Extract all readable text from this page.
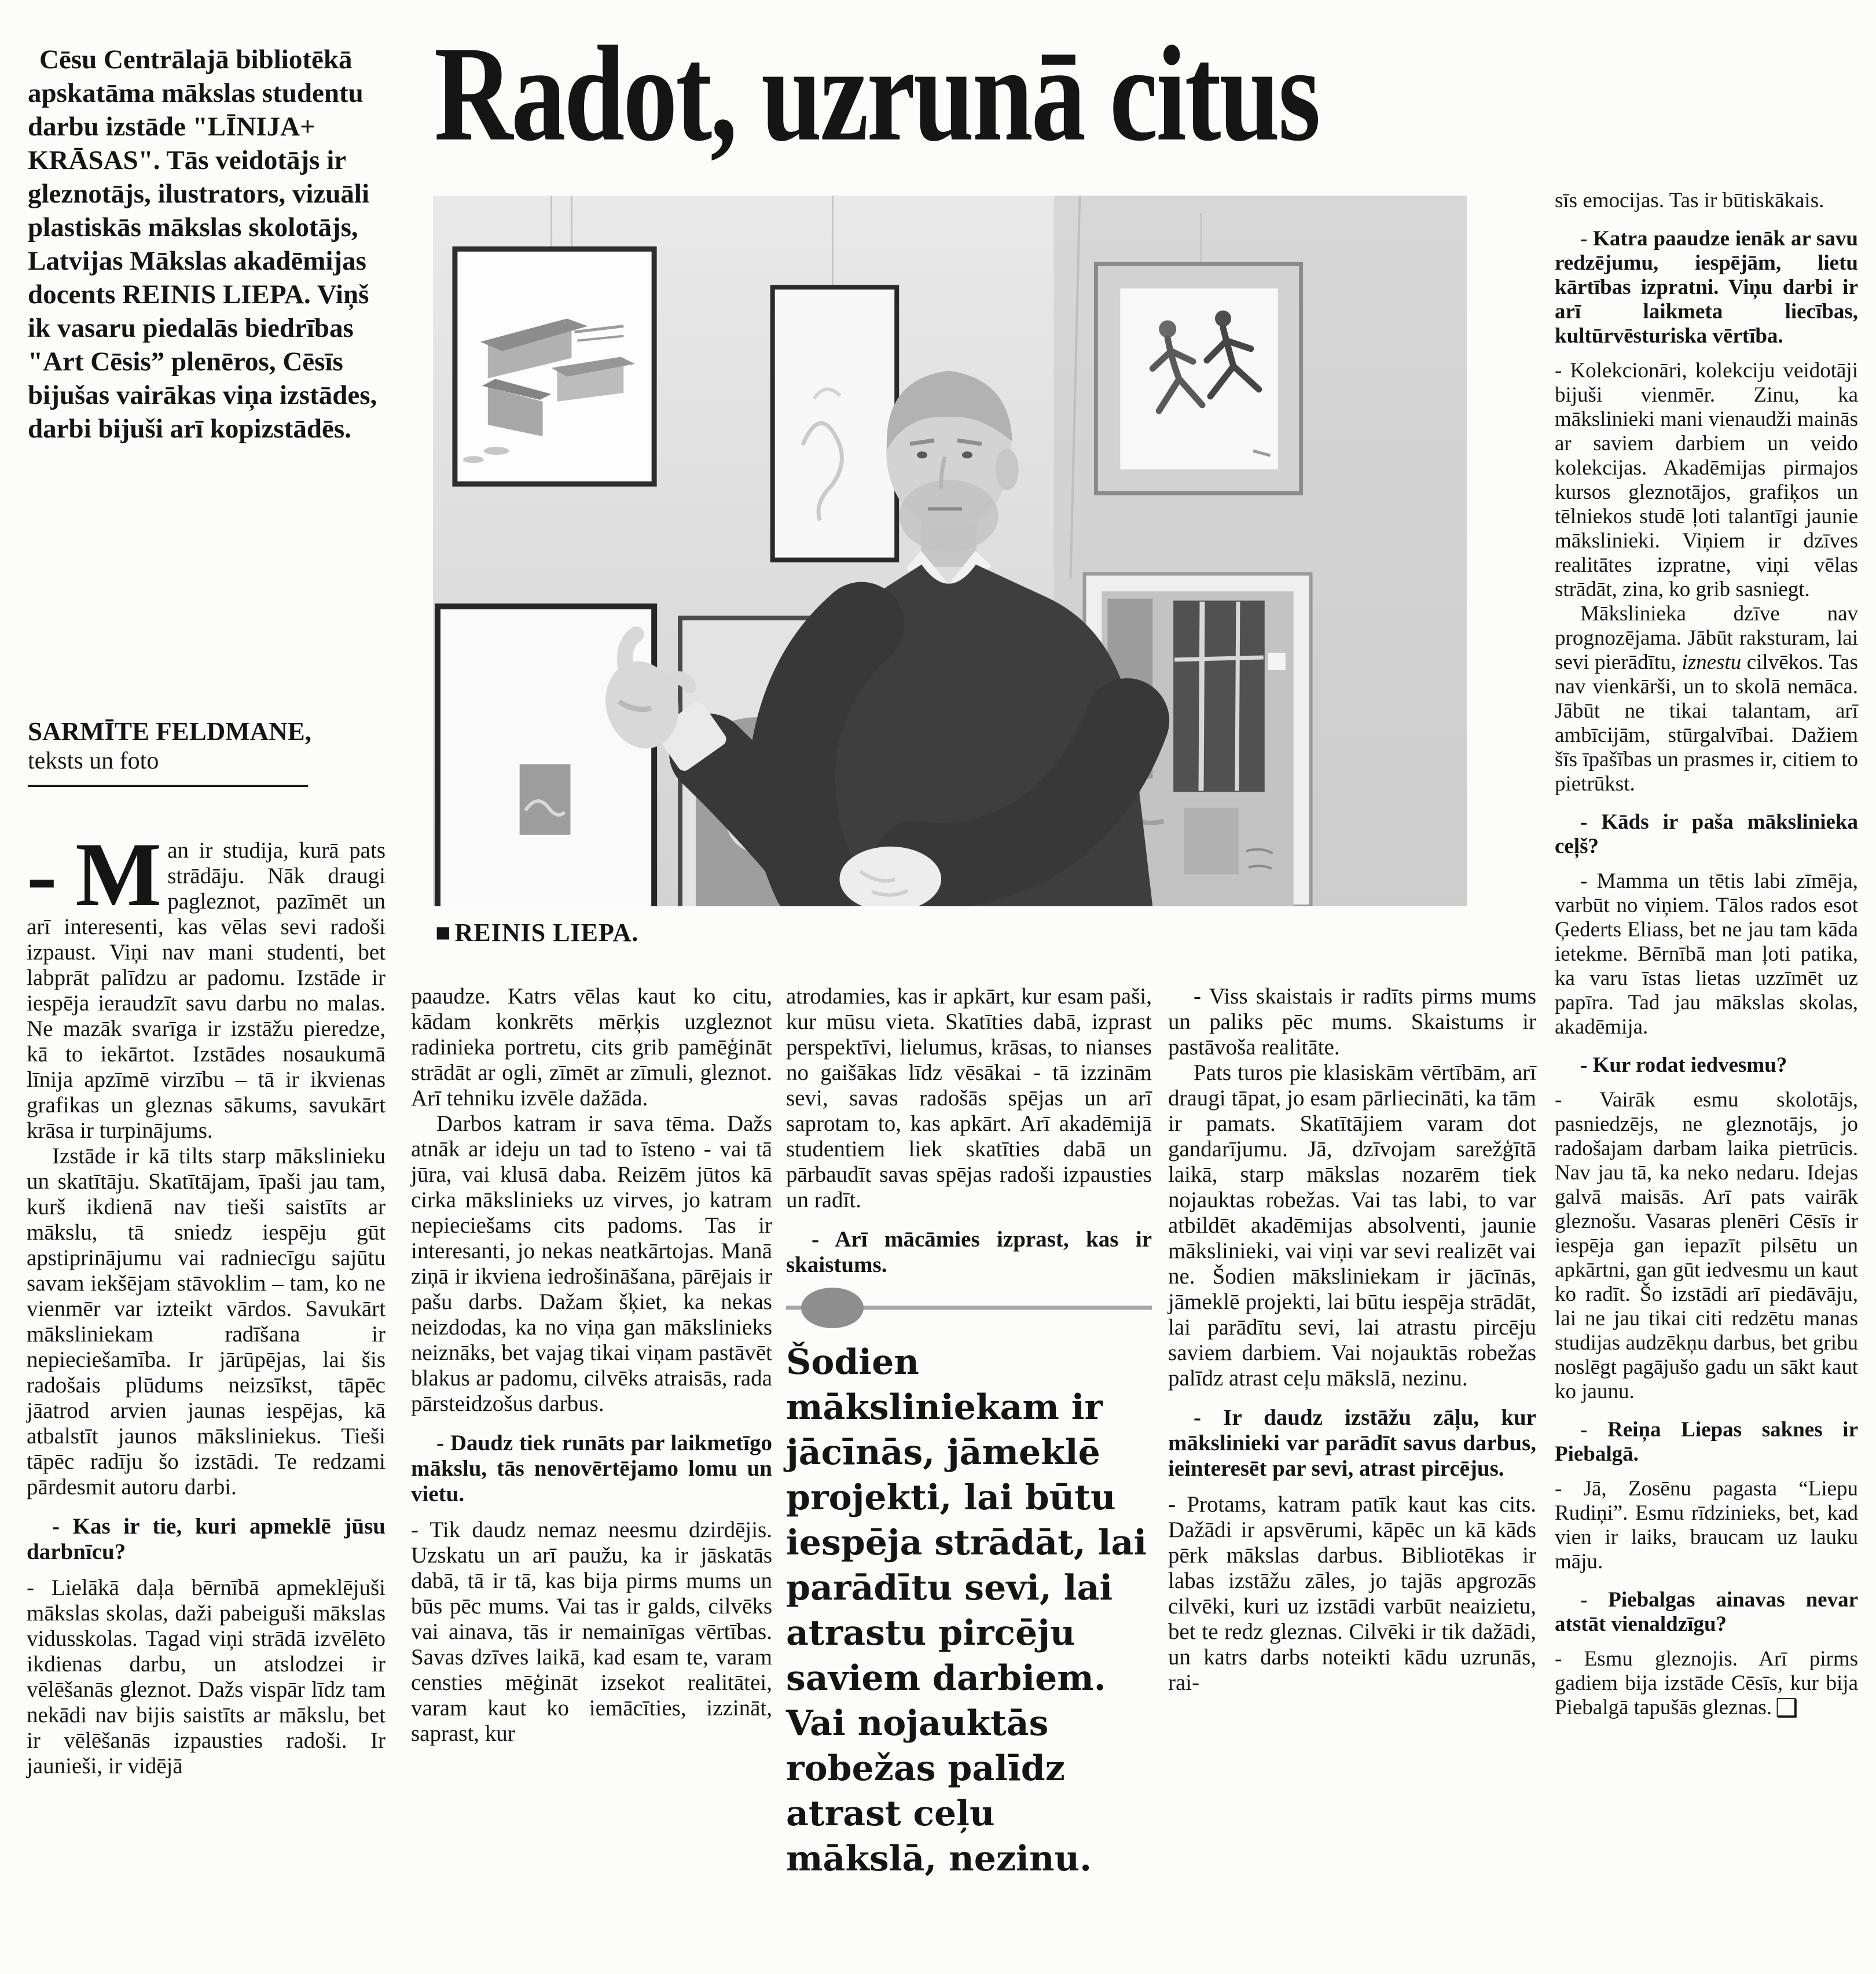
Cēsu Centrālajā bibliotēkā apskatāma mākslas studentu darbu izstāde "LĪNIJA+ KRĀSAS". Tās veidotājs ir gleznotājs, ilustrators, vizuāli plastiskās mākslas skolotājs, Latvijas Mākslas akadēmijas docents REINIS LIEPA. Viņš ik vasaru piedalās biedrības "Art Cēsis” plenēros, Cēsīs bijušas vairākas viņa izstādes, darbi bijuši arī kopizstādēs.

SARMĪTE FELDMANE,
teksts un foto
Radot, uzrunā citus
■ REINIS LIEPA.

- M an ir studija, kurā pats strādāju. Nāk draugi pagleznot, pazīmēt un arī interesenti, kas vēlas sevi radoši izpaust. Viņi nav mani studenti, bet labprāt palīdzu ar padomu. Izstāde ir iespēja ieraudzīt savu darbu no malas. Ne mazāk svarīga ir izstāžu pieredze, kā to iekārtot. Izstādes nosaukumā līnija apzīmē virzību – tā ir ikvienas grafikas un gleznas sākums, savukārt krāsa ir turpinājums.

Izstāde ir kā tilts starp mākslinieku un skatītāju. Skatītājam, īpaši jau tam, kurš ikdienā nav tieši saistīts ar mākslu, tā sniedz iespēju gūt apstiprinājumu vai radniecīgu sajūtu savam iekšējam stāvoklim – tam, ko ne vienmēr var izteikt vārdos. Savukārt māksliniekam radīšana ir nepieciešamība. Ir jārūpējas, lai šis radošais plūdums neizsīkst, tāpēc jāatrod arvien jaunas iespējas, kā atbalstīt jaunos māksliniekus. Tieši tāpēc radīju šo izstādi. Te redzami pārdesmit autoru darbi.

- Kas ir tie, kuri apmeklē jūsu darbnīcu?

- Lielākā daļa bērnībā apmeklējuši mākslas skolas, daži pabeiguši mākslas vidusskolas. Tagad viņi strādā izvēlēto ikdienas darbu, un atslodzei ir vēlēšanās gleznot. Dažs vispār līdz tam nekādi nav bijis saistīts ar mākslu, bet ir vēlēšanās izpausties radoši. Ir jaunieši, ir vidējā

paaudze. Katrs vēlas kaut ko citu, kādam konkrēts mērķis uzgleznot radinieka portretu, cits grib pamēģināt strādāt ar ogli, zīmēt ar zīmuli, gleznot. Arī tehniku izvēle dažāda.

Darbos katram ir sava tēma. Dažs atnāk ar ideju un tad to īsteno - vai tā jūra, vai klusā daba. Reizēm jūtos kā cirka mākslinieks uz virves, jo katram nepieciešams cits padoms. Tas ir interesanti, jo nekas neatkārtojas. Manā ziņā ir ikviena iedrošināšana, pārējais ir pašu darbs. Dažam šķiet, ka nekas neizdodas, ka no viņa gan mākslinieks neiznāks, bet vajag tikai viņam pastāvēt blakus ar padomu, cilvēks atraisās, rada pārsteidzošus darbus.

- Daudz tiek runāts par laikmetīgo mākslu, tās nenovērtējamo lomu un vietu.

- Tik daudz nemaz neesmu dzirdējis. Uzskatu un arī paužu, ka ir jāskatās dabā, tā ir tā, kas bija pirms mums un būs pēc mums. Vai tas ir galds, cilvēks vai ainava, tās ir nemainīgas vērtības. Savas dzīves laikā, kad esam te, varam censties mēģināt izsekot realitātei, varam kaut ko iemācīties, izzināt, saprast, kur

atrodamies, kas ir apkārt, kur esam paši, kur mūsu vieta. Skatīties dabā, izprast perspektīvi, lielumus, krāsas, to nianses no gaišākas līdz vēsākai - tā izzinām sevi, savas radošās spējas un arī saprotam to, kas apkārt. Arī akadēmijā studentiem liek skatīties dabā un pārbaudīt savas spējas radoši izpausties un radīt.

- Arī mācāmies izprast, kas ir skaistums.

Šodien māksliniekam ir jācīnās, jāmeklē projekti, lai būtu iespēja strādāt, lai parādītu sevi, lai atrastu pircēju saviem darbiem. Vai nojauktās robežas palīdz atrast ceļu mākslā, nezinu.

- Viss skaistais ir radīts pirms mums un paliks pēc mums. Skaistums ir pastāvoša realitāte.

Pats turos pie klasiskām vērtībām, arī draugi tāpat, jo esam pārliecināti, ka tām ir pamats. Skatītājiem varam dot gandarījumu. Jā, dzīvojam sarežģītā laikā, starp mākslas nozarēm tiek nojauktas robežas. Vai tas labi, to var atbildēt akadēmijas absolventi, jaunie mākslinieki, vai viņi var sevi realizēt vai ne. Šodien māksliniekam ir jācīnās, jāmeklē projekti, lai būtu iespēja strādāt, lai parādītu sevi, lai atrastu pircēju saviem darbiem. Vai nojauktās robežas palīdz atrast ceļu mākslā, nezinu.

- Ir daudz izstāžu zāļu, kur mākslinieki var parādīt savus darbus, ieinteresēt par sevi, atrast pircējus.

- Protams, katram patīk kaut kas cits. Dažādi ir apsvērumi, kāpēc un kā kāds pērk mākslas darbus. Bibliotēkas ir labas izstāžu zāles, jo tajās apgrozās cilvēki, kuri uz izstādi varbūt neaizietu, bet te redz gleznas. Cilvēki ir tik dažādi, un katrs darbs noteikti kādu uzrunās, rai-

sīs emocijas. Tas ir būtiskākais.

- Katra paaudze ienāk ar savu redzējumu, iespējām, lietu kārtības izpratni. Viņu darbi ir arī laikmeta liecības, kultūrvēsturiska vērtība.

- Kolekcionāri, kolekciju veidotāji bijuši vienmēr. Zinu, ka mākslinieki mani vienaudži mainās ar saviem darbiem un veido kolekcijas. Akadēmijas pirmajos kursos gleznotājos, grafiķos un tēlniekos studē ļoti talantīgi jaunie mākslinieki. Viņiem ir dzīves realitātes izpratne, viņi vēlas strādāt, zina, ko grib sasniegt.

Mākslinieka dzīve nav prognozējama. Jābūt raksturam, lai sevi pierādītu, iznestu cilvēkos. Tas nav vienkārši, un to skolā nemāca. Jābūt ne tikai talantam, arī ambīcijām, stūrgalvībai. Dažiem šīs īpašības un prasmes ir, citiem to pietrūkst.

- Kāds ir paša mākslinieka ceļš?

- Mamma un tētis labi zīmēja, varbūt no viņiem. Tālos rados esot Ģederts Eliass, bet ne jau tam kāda ietekme. Bērnībā man ļoti patika, ka varu īstas lietas uzzīmēt uz papīra. Tad jau mākslas skolas, akadēmija.

- Kur rodat iedvesmu?

- Vairāk esmu skolotājs, pasniedzējs, ne gleznotājs, jo radošajam darbam laika pietrūcis. Nav jau tā, ka neko nedaru. Idejas galvā maisās. Arī pats vairāk gleznošu. Vasaras plenēri Cēsīs ir iespēja gan iepazīt pilsētu un apkārtni, gan gūt iedvesmu un kaut ko radīt. Šo izstādi arī piedāvāju, lai ne jau tikai citi redzētu manas studijas audzēkņu darbus, bet gribu noslēgt pagājušo gadu un sākt kaut ko jaunu.

- Reiņa Liepas saknes ir Piebalgā.

- Jā, Zosēnu pagasta “Liepu Rudiņi”. Esmu rīdzinieks, bet, kad vien ir laiks, braucam uz lauku māju.

- Piebalgas ainavas nevar atstāt vienaldzīgu?

- Esmu gleznojis. Arī pirms gadiem bija izstāde Cēsīs, kur bija Piebalgā tapušās gleznas. ❑
